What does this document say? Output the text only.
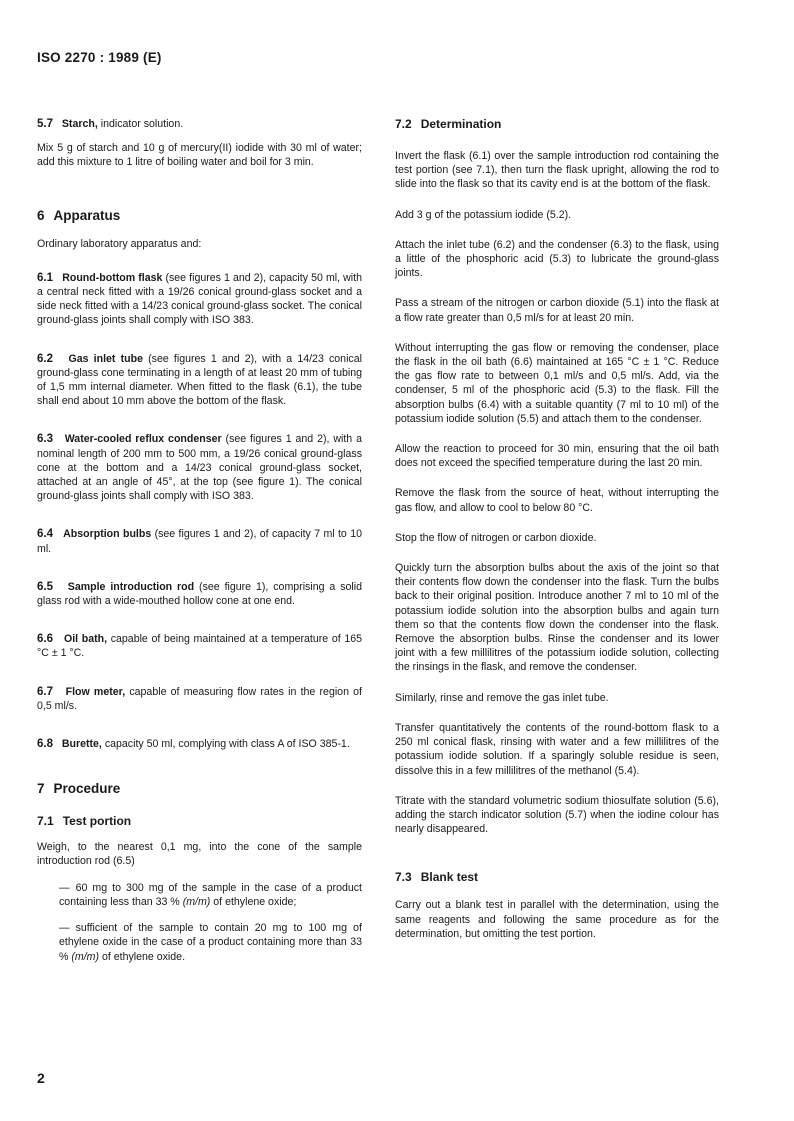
ISO 2270 : 1989 (E)

5.7 Starch, indicator solution.

Mix 5 g of starch and 10 g of mercury(II) iodide with 30 ml of water; add this mixture to 1 litre of boiling water and boil for 3 min.

6 Apparatus

Ordinary laboratory apparatus and:

6.1 Round-bottom flask (see figures 1 and 2), capacity 50 ml, with a central neck fitted with a 19/26 conical ground-glass socket and a side neck fitted with a 14/23 conical ground-glass socket. The conical ground-glass joints shall comply with ISO 383.

6.2 Gas inlet tube (see figures 1 and 2), with a 14/23 conical ground-glass cone terminating in a length of at least 20 mm of tubing of 1,5 mm internal diameter. When fitted to the flask (6.1), the tube shall end about 10 mm above the bottom of the flask.

6.3 Water-cooled reflux condenser (see figures 1 and 2), with a nominal length of 200 mm to 500 mm, a 19/26 conical ground-glass cone at the bottom and a 14/23 conical ground-glass socket, attached at an angle of 45°, at the top (see figure 1). The conical ground-glass joints shall comply with ISO 383.

6.4 Absorption bulbs (see figures 1 and 2), of capacity 7 ml to 10 ml.

6.5 Sample introduction rod (see figure 1), comprising a solid glass rod with a wide-mouthed hollow cone at one end.

6.6 Oil bath, capable of being maintained at a temperature of 165 °C ± 1 °C.

6.7 Flow meter, capable of measuring flow rates in the region of 0,5 ml/s.

6.8 Burette, capacity 50 ml, complying with class A of ISO 385-1.

7 Procedure
7.1 Test portion

Weigh, to the nearest 0,1 mg, into the cone of the sample introduction rod (6.5)

— 60 mg to 300 mg of the sample in the case of a product containing less than 33 % (m/m) of ethylene oxide;

— sufficient of the sample to contain 20 mg to 100 mg of ethylene oxide in the case of a product containing more than 33 % (m/m) of ethylene oxide.

7.2 Determination

Invert the flask (6.1) over the sample introduction rod containing the test portion (see 7.1), then turn the flask upright, allowing the rod to slide into the flask so that its cavity end is at the bottom of the flask.

Add 3 g of the potassium iodide (5.2).

Attach the inlet tube (6.2) and the condenser (6.3) to the flask, using a little of the phosphoric acid (5.3) to lubricate the ground-glass joints.

Pass a stream of the nitrogen or carbon dioxide (5.1) into the flask at a flow rate greater than 0,5 ml/s for at least 20 min.

Without interrupting the gas flow or removing the condenser, place the flask in the oil bath (6.6) maintained at 165 °C ± 1 °C. Reduce the gas flow rate to between 0,1 ml/s and 0,5 ml/s. Add, via the condenser, 5 ml of the phosphoric acid (5.3) to the flask. Fill the absorption bulbs (6.4) with a suitable quantity (7 ml to 10 ml) of the potassium iodide solution (5.5) and attach them to the condenser.

Allow the reaction to proceed for 30 min, ensuring that the oil bath does not exceed the specified temperature during the last 20 min.

Remove the flask from the source of heat, without interrupting the gas flow, and allow to cool to below 80 °C.

Stop the flow of nitrogen or carbon dioxide.

Quickly turn the absorption bulbs about the axis of the joint so that their contents flow down the condenser into the flask. Turn the bulbs back to their original position. Introduce another 7 ml to 10 ml of the potassium iodide solution into the absorption bulbs and again turn them so that the contents flow down the condenser into the flask. Remove the absorption bulbs. Rinse the condenser and its lower joint with a few millilitres of the potassium iodide solution, collecting the rinsings in the flask, and remove the condenser.

Similarly, rinse and remove the gas inlet tube.

Transfer quantitatively the contents of the round-bottom flask to a 250 ml conical flask, rinsing with water and a few millilitres of the potassium iodide solution. If a sparingly soluble residue is seen, dissolve this in a few millilitres of the methanol (5.4).

Titrate with the standard volumetric sodium thiosulfate solution (5.6), adding the starch indicator solution (5.7) when the iodine colour has nearly disappeared.

7.3 Blank test

Carry out a blank test in parallel with the determination, using the same reagents and following the same procedure as for the determination, but omitting the test portion.

2
